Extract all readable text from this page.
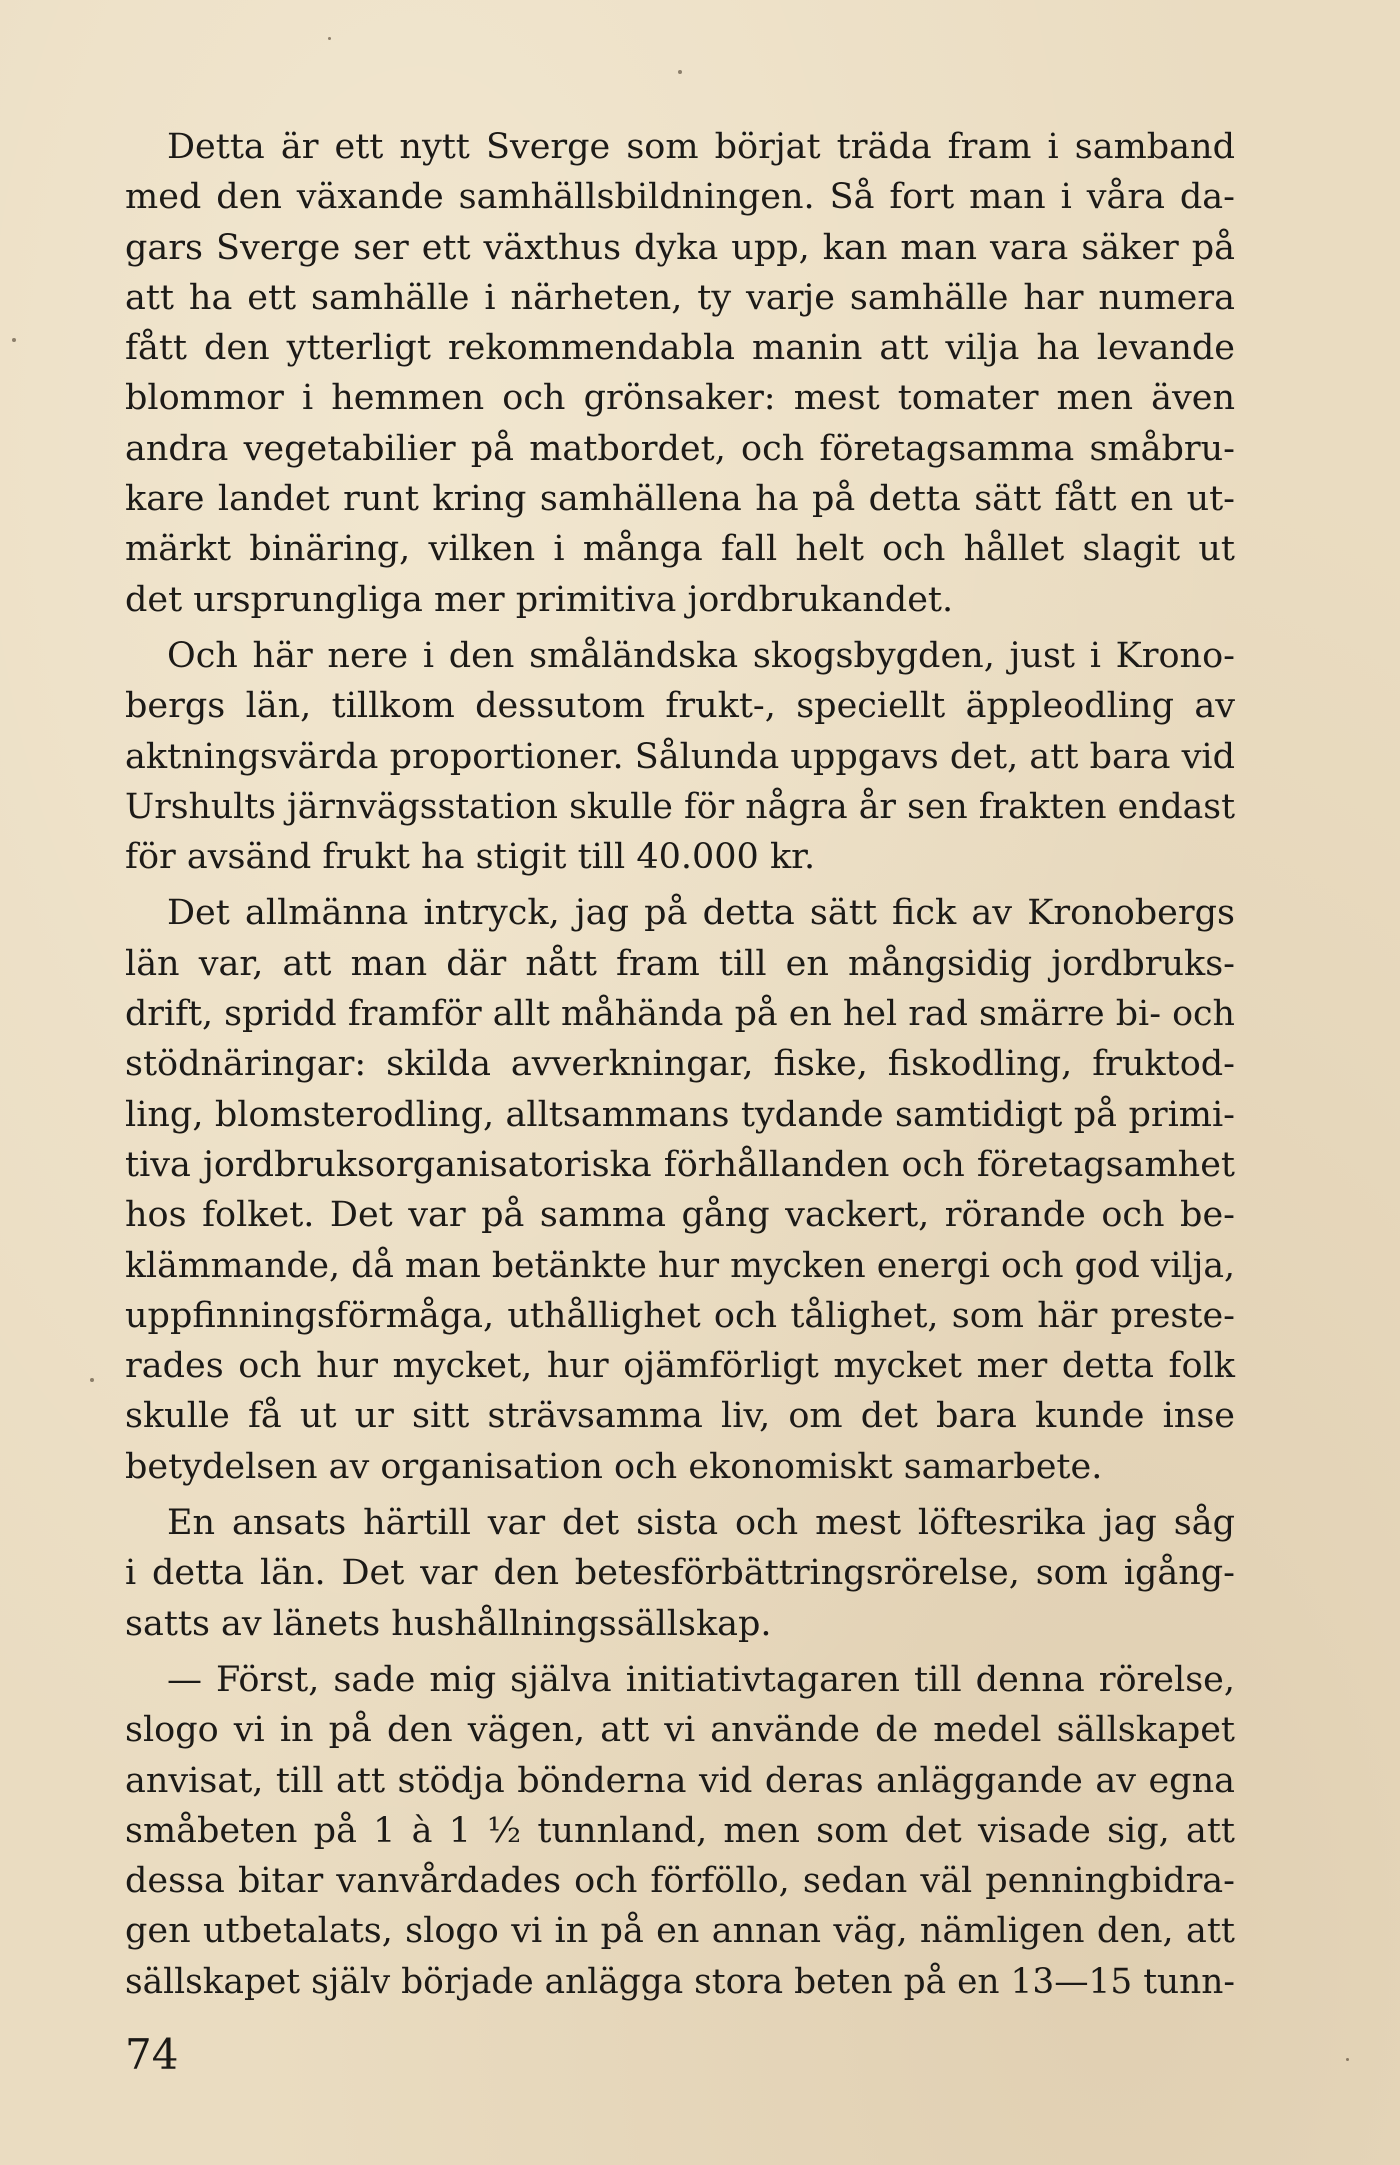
Detta är ett nytt Sverge som börjat träda fram i samband
med den växande samhällsbildningen. Så fort man i våra da-
gars Sverge ser ett växthus dyka upp, kan man vara säker på
att ha ett samhälle i närheten, ty varje samhälle har numera
fått den ytterligt rekommendabla manin att vilja ha levande
blommor i hemmen och grönsaker: mest tomater men även
andra vegetabilier på matbordet, och företagsamma småbru-
kare landet runt kring samhällena ha på detta sätt fått en ut-
märkt binäring, vilken i många fall helt och hållet slagit ut
det ursprungliga mer primitiva jordbrukandet.
Och här nere i den småländska skogsbygden, just i Krono-
bergs län, tillkom dessutom frukt-, speciellt äppleodling av
aktningsvärda proportioner. Sålunda uppgavs det, att bara vid
Urshults järnvägsstation skulle för några år sen frakten endast
för avsänd frukt ha stigit till 40.000 kr.
Det allmänna intryck, jag på detta sätt fick av Kronobergs
län var, att man där nått fram till en mångsidig jordbruks-
drift, spridd framför allt måhända på en hel rad smärre bi- och
stödnäringar: skilda avverkningar, fiske, fiskodling, fruktod-
ling, blomsterodling, alltsammans tydande samtidigt på primi-
tiva jordbruksorganisatoriska förhållanden och företagsamhet
hos folket. Det var på samma gång vackert, rörande och be-
klämmande, då man betänkte hur mycken energi och god vilja,
uppfinningsförmåga, uthållighet och tålighet, som här preste-
rades och hur mycket, hur ojämförligt mycket mer detta folk
skulle få ut ur sitt strävsamma liv, om det bara kunde inse
betydelsen av organisation och ekonomiskt samarbete.
En ansats härtill var det sista och mest löftesrika jag såg
i detta län. Det var den betesförbättringsrörelse, som igång-
satts av länets hushållningssällskap.
— Först, sade mig själva initiativtagaren till denna rörelse,
slogo vi in på den vägen, att vi använde de medel sällskapet
anvisat, till att stödja bönderna vid deras anläggande av egna
småbeten på 1 à 1 ½ tunnland, men som det visade sig, att
dessa bitar vanvårdades och förföllo, sedan väl penningbidra-
gen utbetalats, slogo vi in på en annan väg, nämligen den, att
sällskapet själv började anlägga stora beten på en 13—15 tunn-
74
